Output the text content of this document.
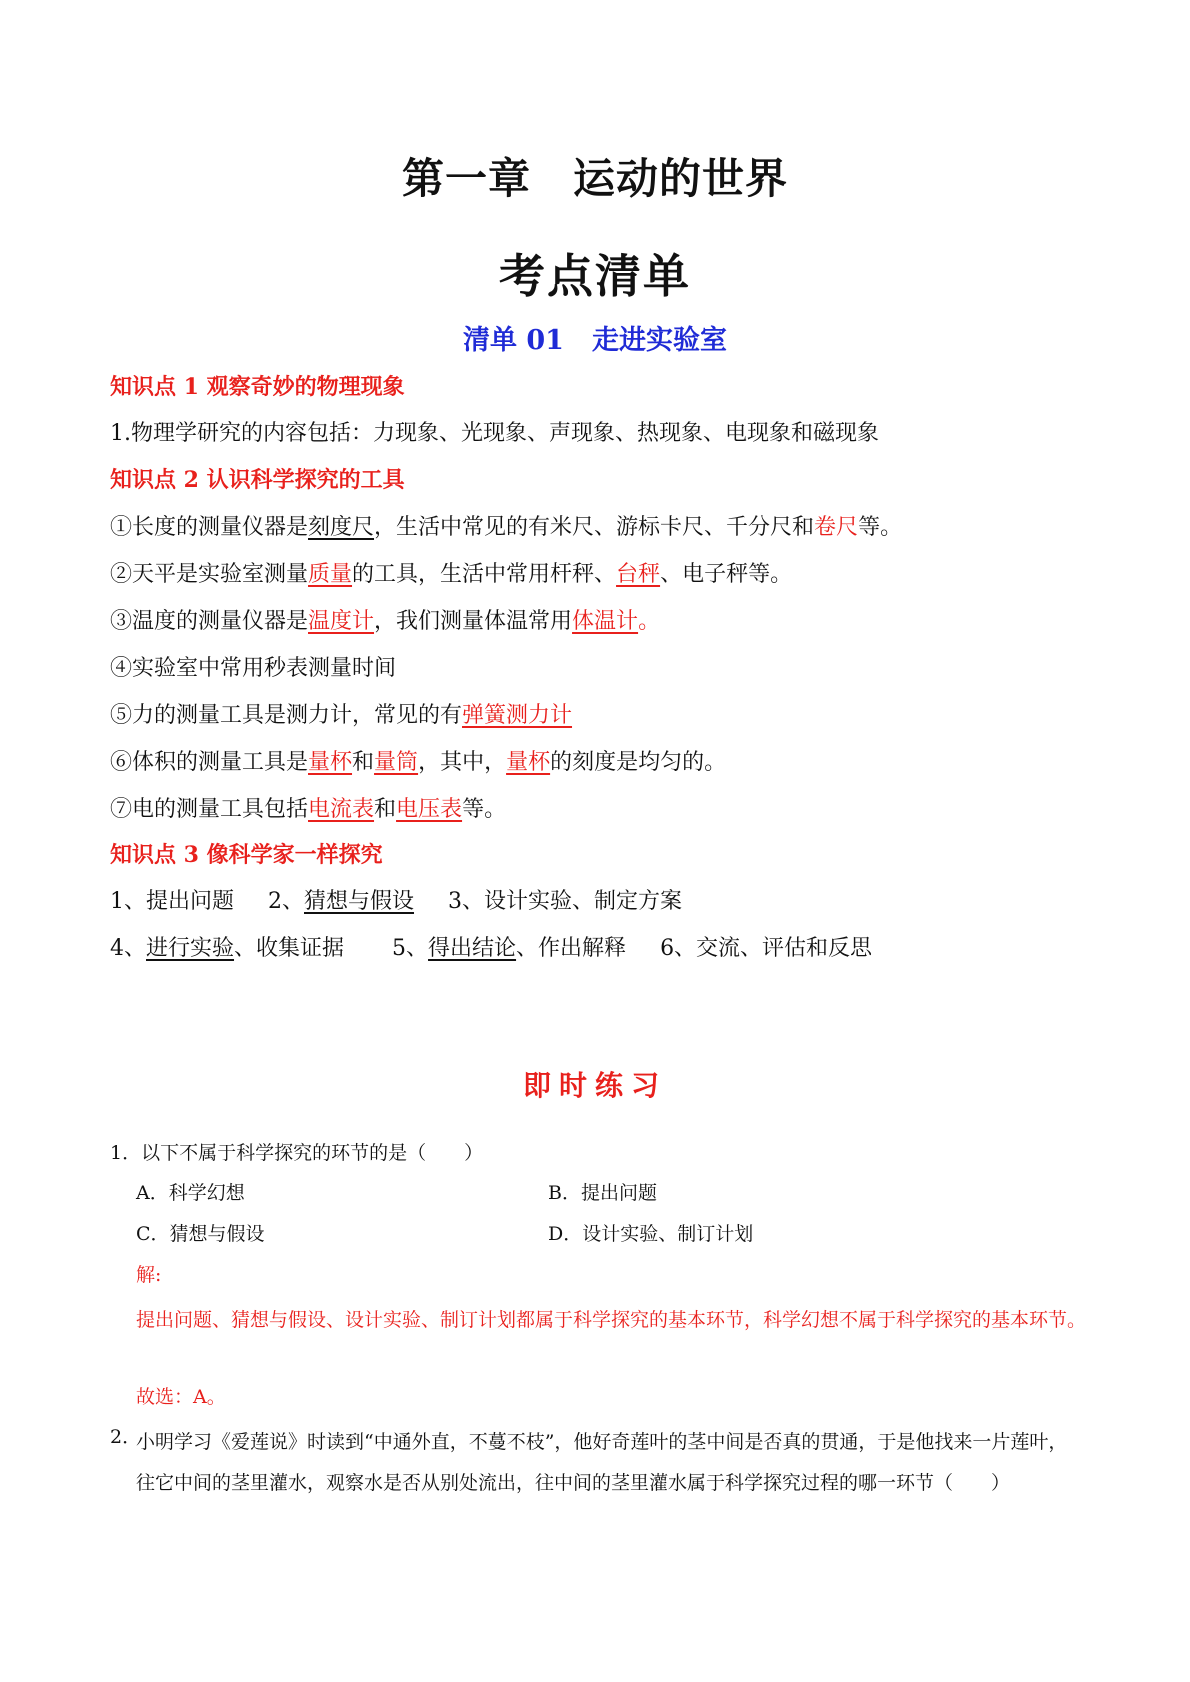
第一章 运动的世界
考点清单
清单 01 走进实验室
知识点 1 观察奇妙的物理现象
1.物理学研究的内容包括：力现象、光现象、声现象、热现象、电现象和磁现象
知识点 2 认识科学探究的工具
①长度的测量仪器是刻度尺，生活中常见的有米尺、游标卡尺、千分尺和卷尺等。
②天平是实验室测量质量的工具，生活中常用杆秤、台秤、电子秤等。
③温度的测量仪器是温度计，我们测量体温常用体温计。
④实验室中常用秒表测量时间
⑤力的测量工具是测力计，常见的有弹簧测力计
⑥体积的测量工具是量杯和量筒，其中，量杯的刻度是均匀的。
⑦电的测量工具包括电流表和电压表等。
知识点 3 像科学家一样探究
1、提出问题 2、猜想与假设 3、设计实验、制定方案
4、进行实验、收集证据 5、得出结论、作出解释 6、交流、评估和反思
即时练习
1．以下不属于科学探究的环节的是（　　）
A．科学幻想	B．提出问题
C．猜想与假设	D．设计实验、制订计划
解:
提出问题、猜想与假设、设计实验、制订计划都属于科学探究的基本环节，科学幻想不属于科学探究的基本环节。
故选：A。
2．
小明学习《爱莲说》时读到“中通外直，不蔓不枝”，他好奇莲叶的茎中间是否真的贯通，于是他找来一片莲叶，往它中间的茎里灌水，观察水是否从别处流出，往中间的茎里灌水属于科学探究过程的哪一环节（　　）
